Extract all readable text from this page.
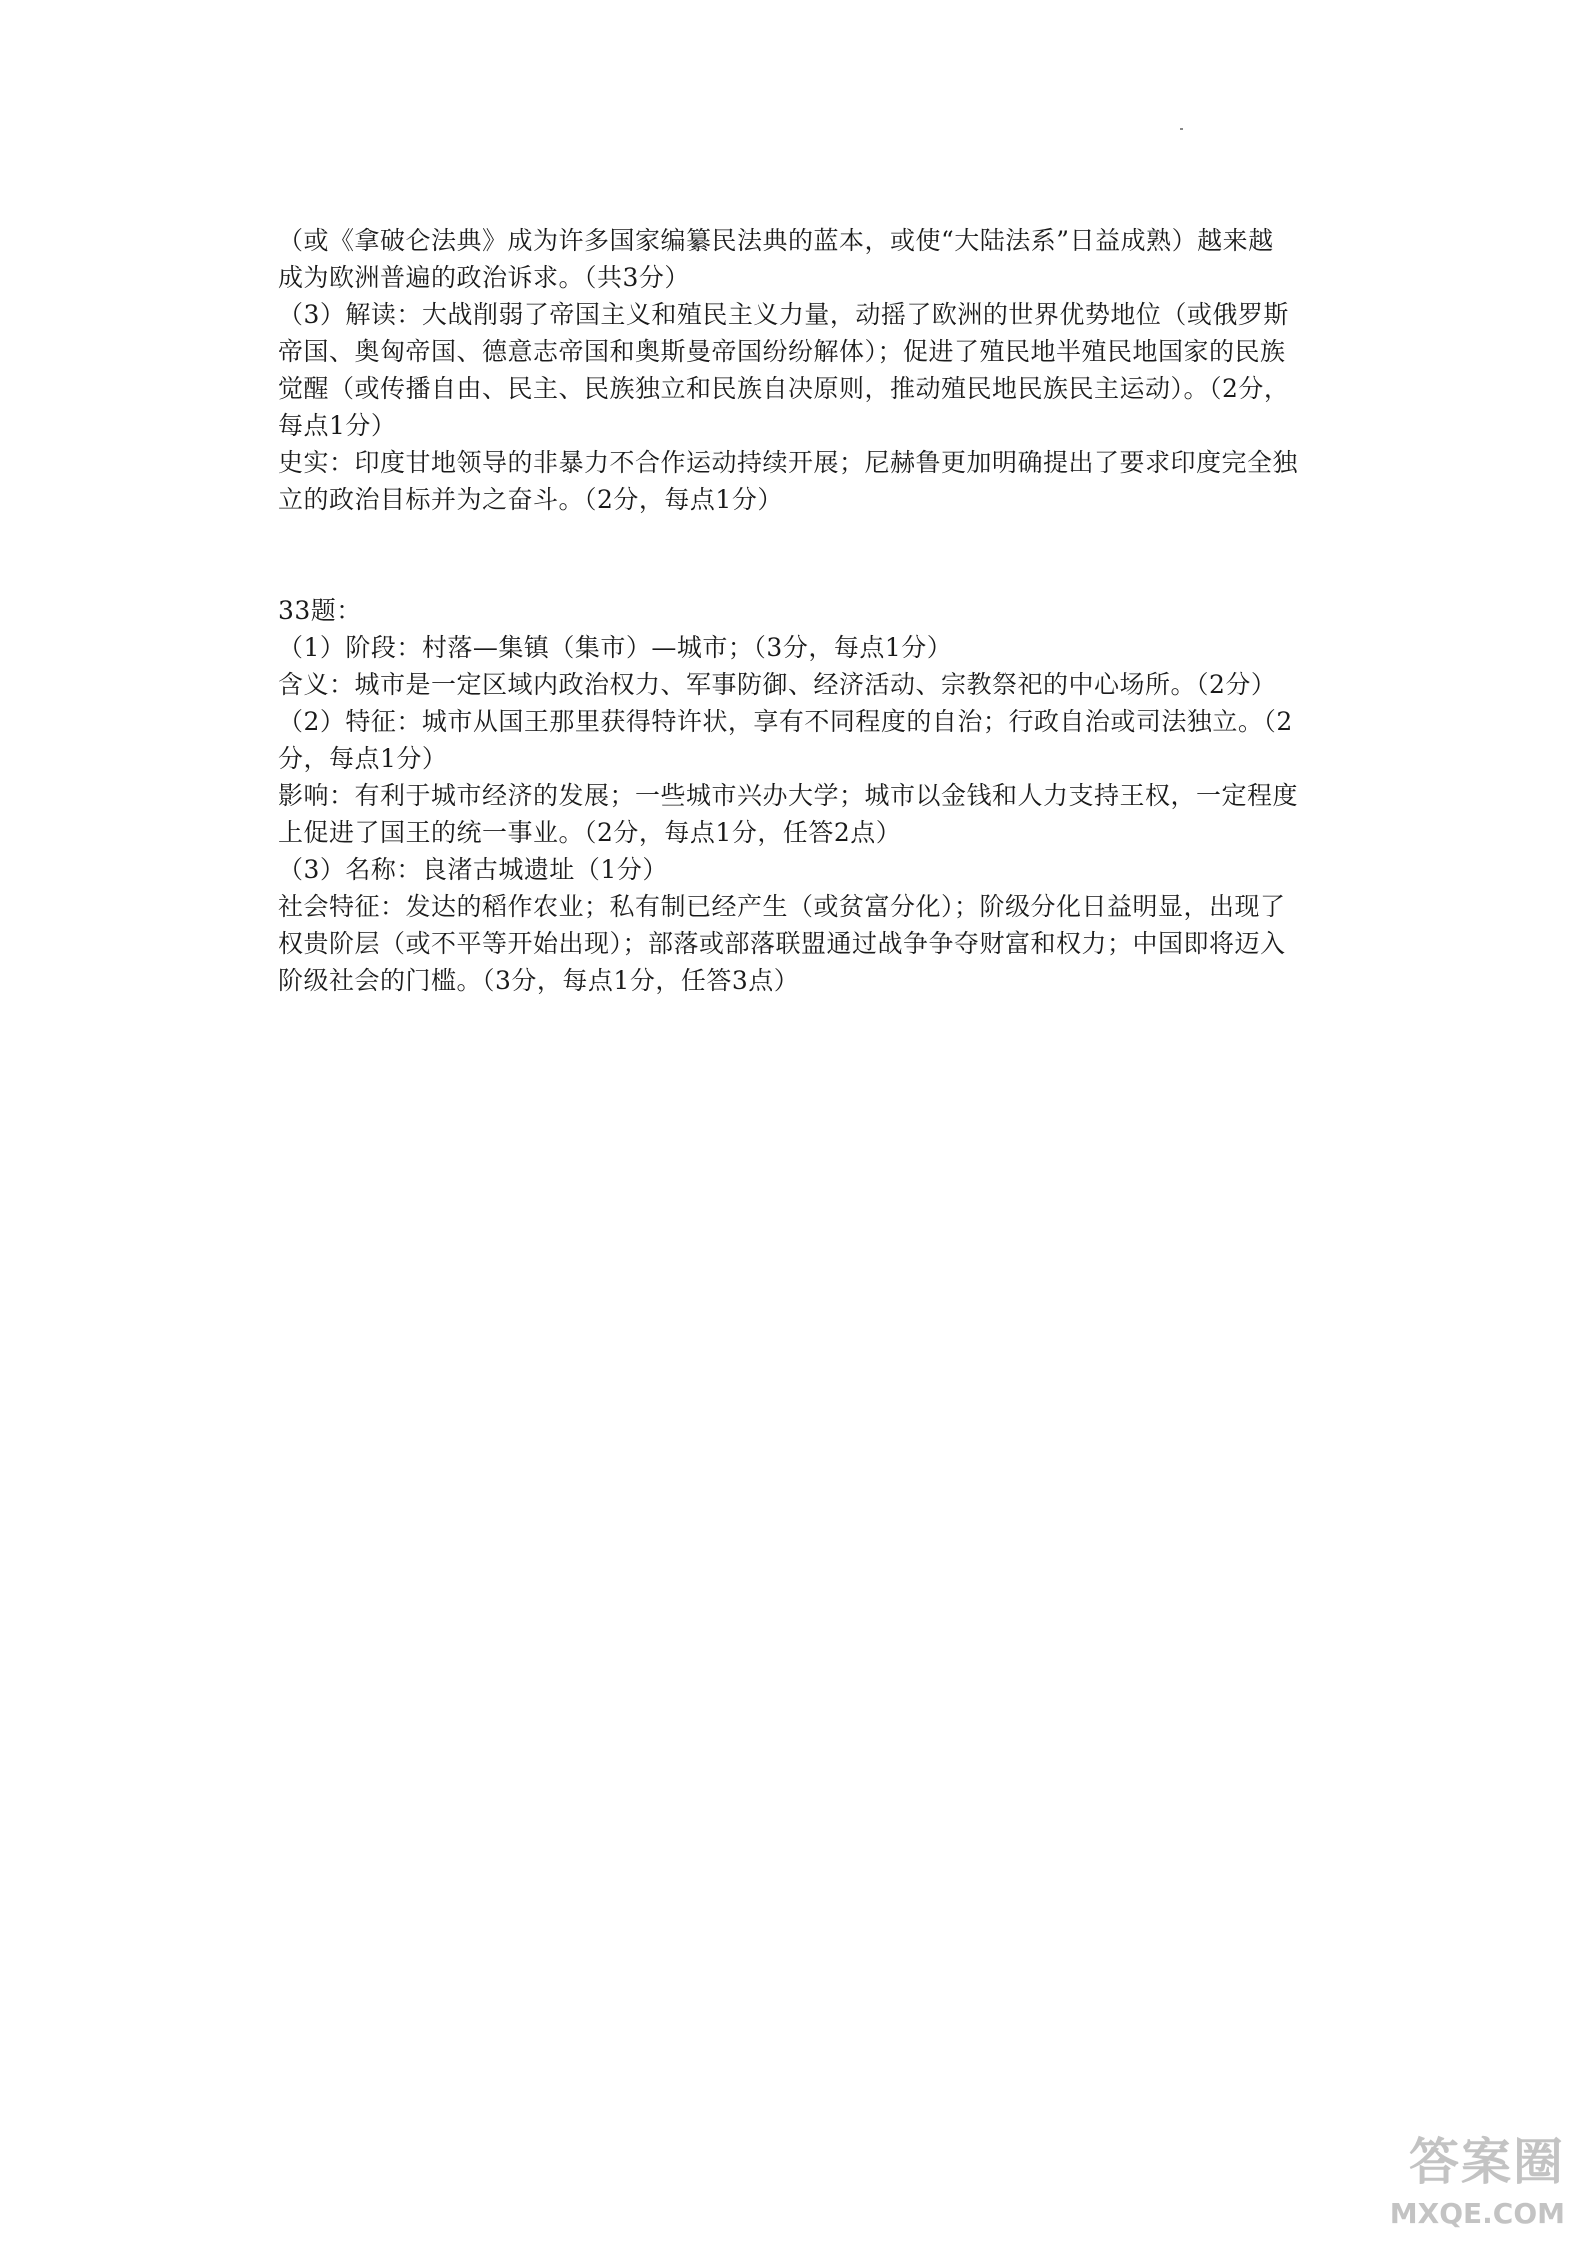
（或《拿破仑法典》成为许多国家编纂民法典的蓝本，或使“大陆法系”日益成熟）越来越
成为欧洲普遍的政治诉求。（共3分）
（3）解读：大战削弱了帝国主义和殖民主义力量，动摇了欧洲的世界优势地位（或俄罗斯
帝国、奥匈帝国、德意志帝国和奥斯曼帝国纷纷解体）；促进了殖民地半殖民地国家的民族
觉醒（或传播自由、民主、民族独立和民族自决原则，推动殖民地民族民主运动）。（2分，
每点1分）
史实：印度甘地领导的非暴力不合作运动持续开展；尼赫鲁更加明确提出了要求印度完全独
立的政治目标并为之奋斗。（2分，每点1分）
33题：
（1）阶段：村落—集镇（集市）—城市；（3分，每点1分）
含义：城市是一定区域内政治权力、军事防御、经济活动、宗教祭祀的中心场所。（2分）
（2）特征：城市从国王那里获得特许状，享有不同程度的自治；行政自治或司法独立。（2
分，每点1分）
影响：有利于城市经济的发展；一些城市兴办大学；城市以金钱和人力支持王权，一定程度
上促进了国王的统一事业。（2分，每点1分，任答2点）
（3）名称：良渚古城遗址（1分）
社会特征：发达的稻作农业；私有制已经产生（或贫富分化）；阶级分化日益明显，出现了
权贵阶层（或不平等开始出现）；部落或部落联盟通过战争争夺财富和权力；中国即将迈入
阶级社会的门槛。（3分，每点1分，任答3点）
答案圈
MXQE.COM
